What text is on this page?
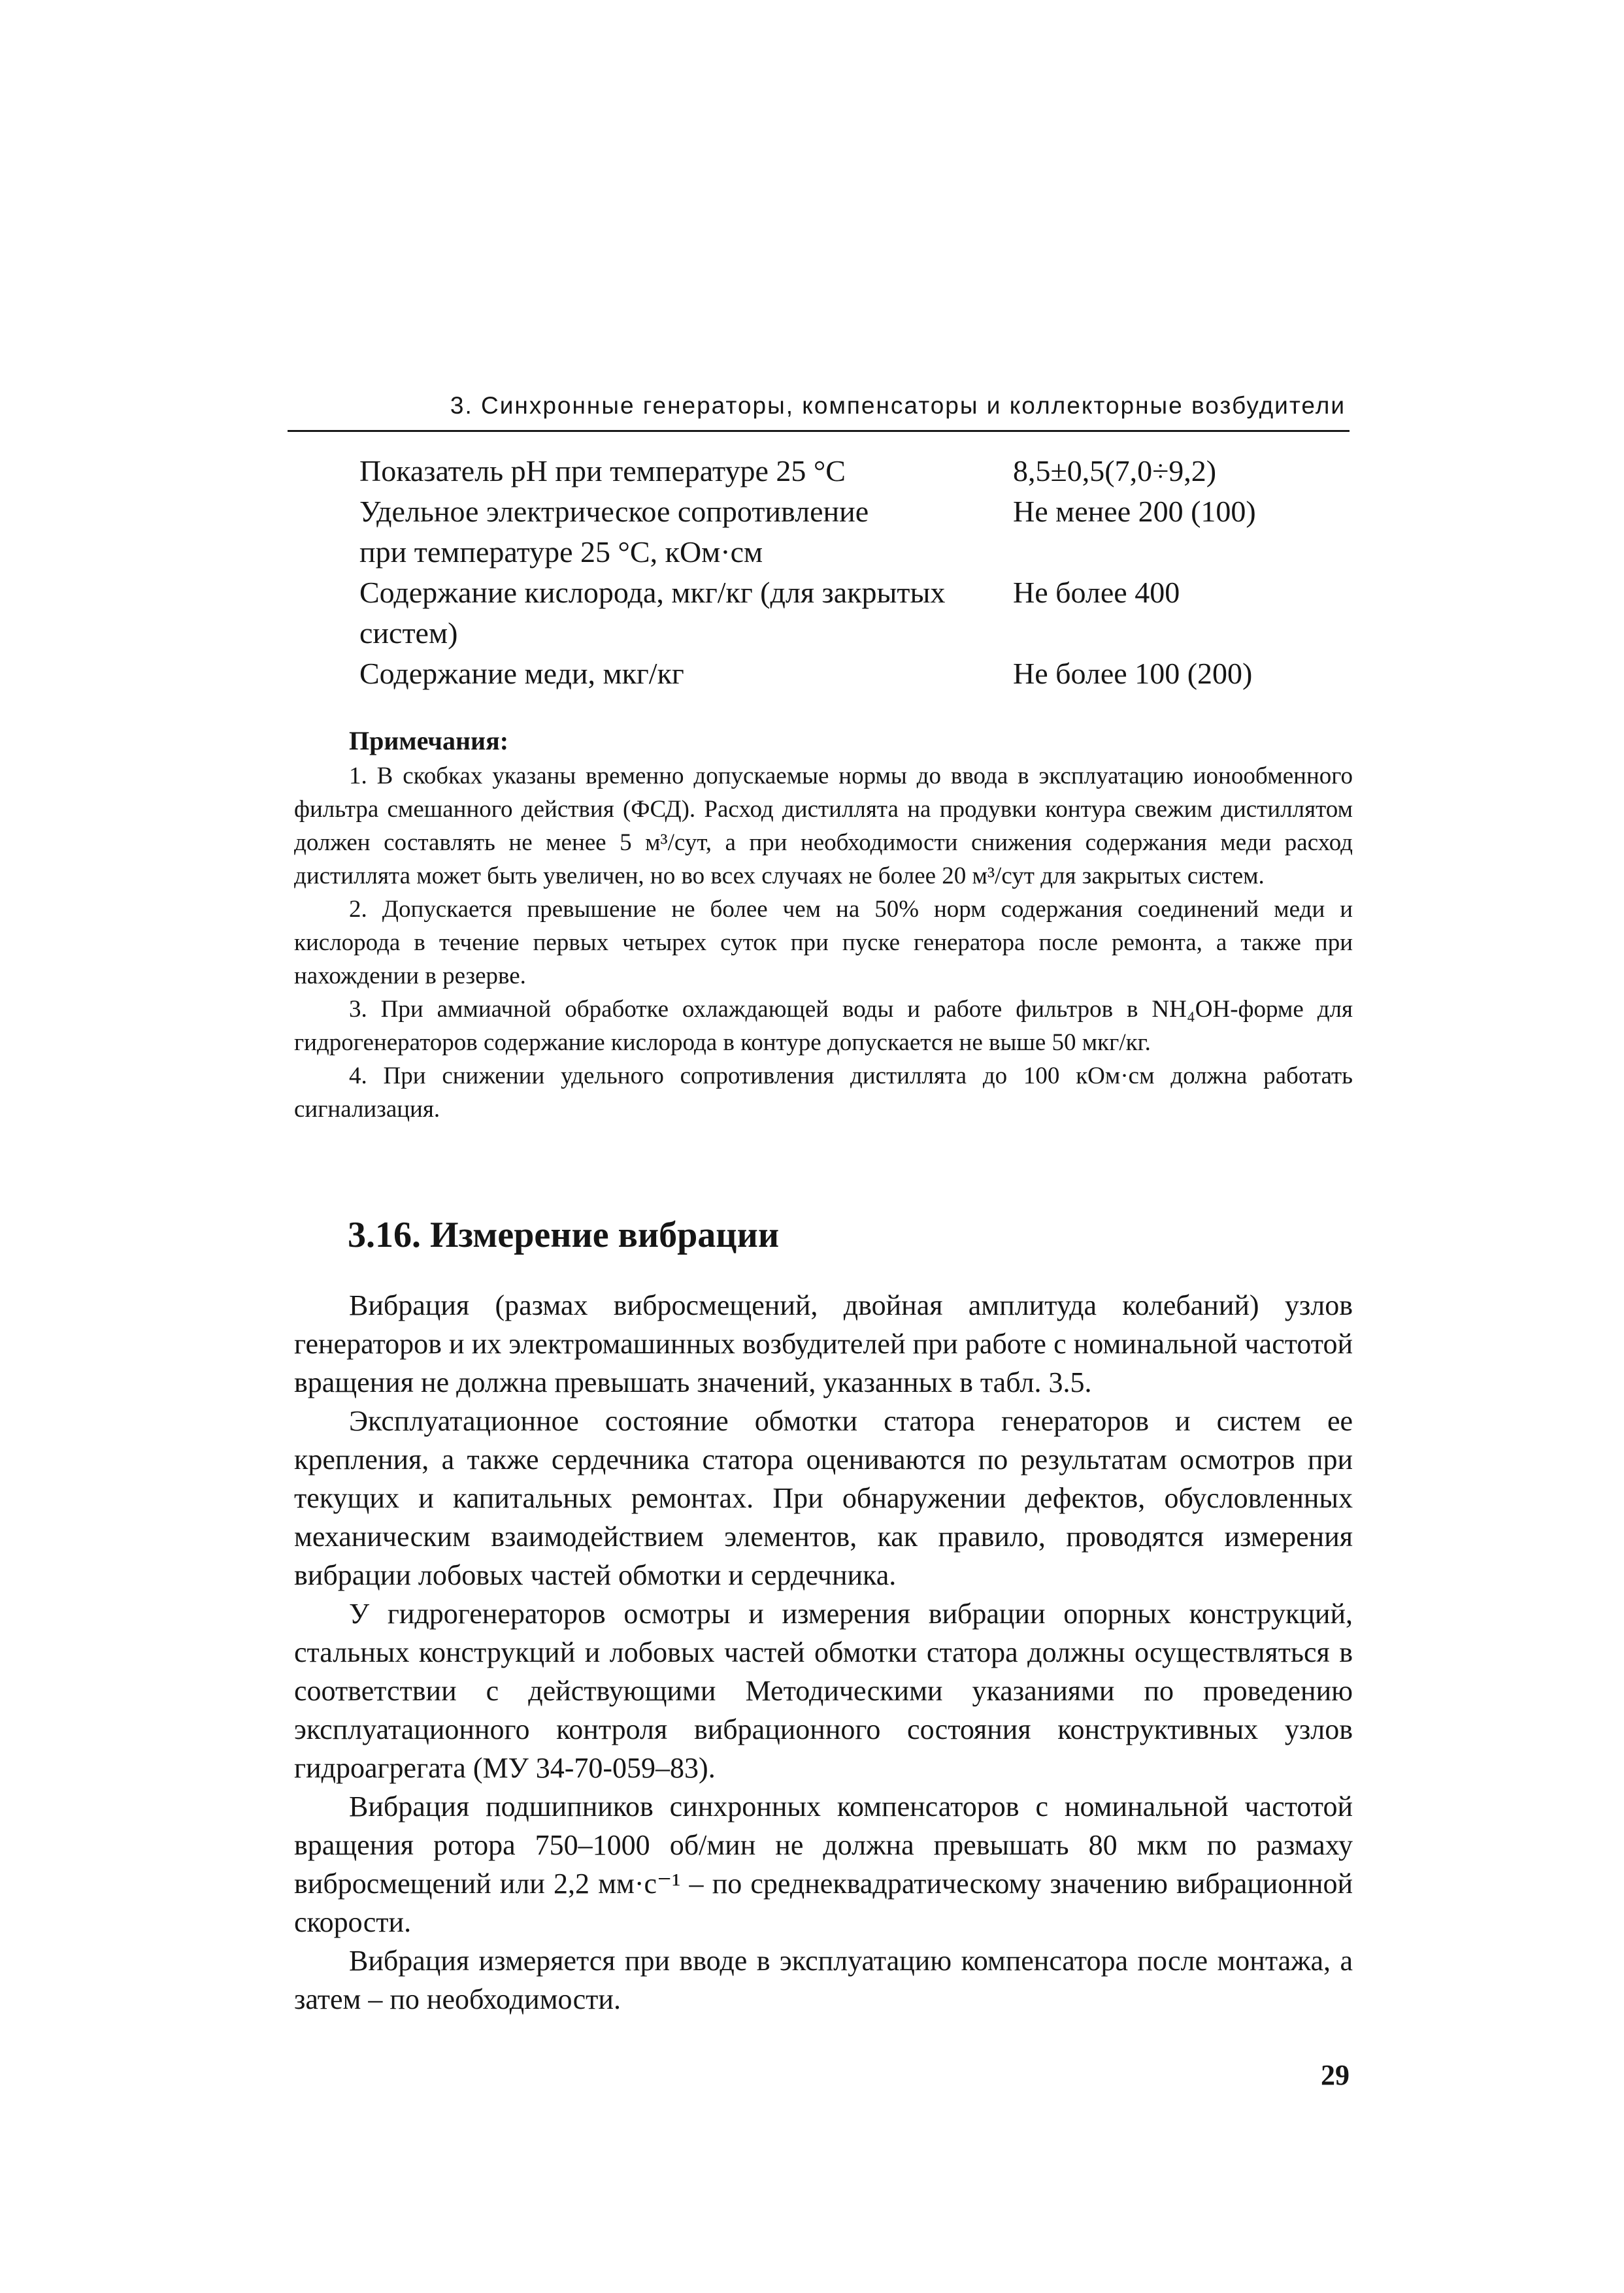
3. Синхронные генераторы, компенсаторы и коллекторные возбудители
Показатель pH при температуре 25 °С	8,5±0,5(7,0÷9,2)
Удельное электрическое сопротивление при температуре 25 °С, кОм·см
Не менее 200 (100)
Содержание кислорода, мкг/кг (для закрытых систем)
Не более 400
Содержание меди, мкг/кг	Не более 100 (200)
Примечания:

1. В скобках указаны временно допускаемые нормы до ввода в эксплуатацию ионообменного фильтра смешанного действия (ФСД). Расход дистиллята на продувки контура свежим дистиллятом должен составлять не менее 5 м³/сут, а при необходимости снижения содержания меди расход дистиллята может быть увеличен, но во всех случаях не более 20 м³/сут для закрытых систем.

2. Допускается превышение не более чем на 50% норм содержания соединений меди и кислорода в течение первых четырех суток при пуске генератора после ремонта, а также при нахождении в резерве.

3. При аммиачной обработке охлаждающей воды и работе фильтров в NH₄OH-форме для гидрогенераторов содержание кислорода в контуре допускается не выше 50 мкг/кг.

4. При снижении удельного сопротивления дистиллята до 100 кОм·см должна работать сигнализация.

3.16. Измерение вибрации

Вибрация (размах виброcмещений, двойная амплитуда колебаний) узлов генераторов и их электромашинных возбудителей при работе с номинальной частотой вращения не должна превышать значений, указанных в табл. 3.5.

Эксплуатационное состояние обмотки статора генераторов и систем ее крепления, а также сердечника статора оцениваются по результатам осмотров при текущих и капитальных ремонтах. При обнаружении дефектов, обусловленных механическим взаимодействием элементов, как правило, проводятся измерения вибрации лобовых частей обмотки и сердечника.

У гидрогенераторов осмотры и измерения вибрации опорных конструкций, стальных конструкций и лобовых частей обмотки статора должны осуществляться в соответствии с действующими Методическими указаниями по проведению эксплуатационного контроля вибрационного состояния конструктивных узлов гидроагрегата (МУ 34-70-059–83).

Вибрация подшипников синхронных компенсаторов с номинальной частотой вращения ротора 750–1000 об/мин не должна превышать 80 мкм по размаху виброcмещений или 2,2 мм·с⁻¹ – по среднеквадратическому значению вибрационной скорости.

Вибрация измеряется при вводе в эксплуатацию компенсатора после монтажа, а затем – по необходимости.

29
